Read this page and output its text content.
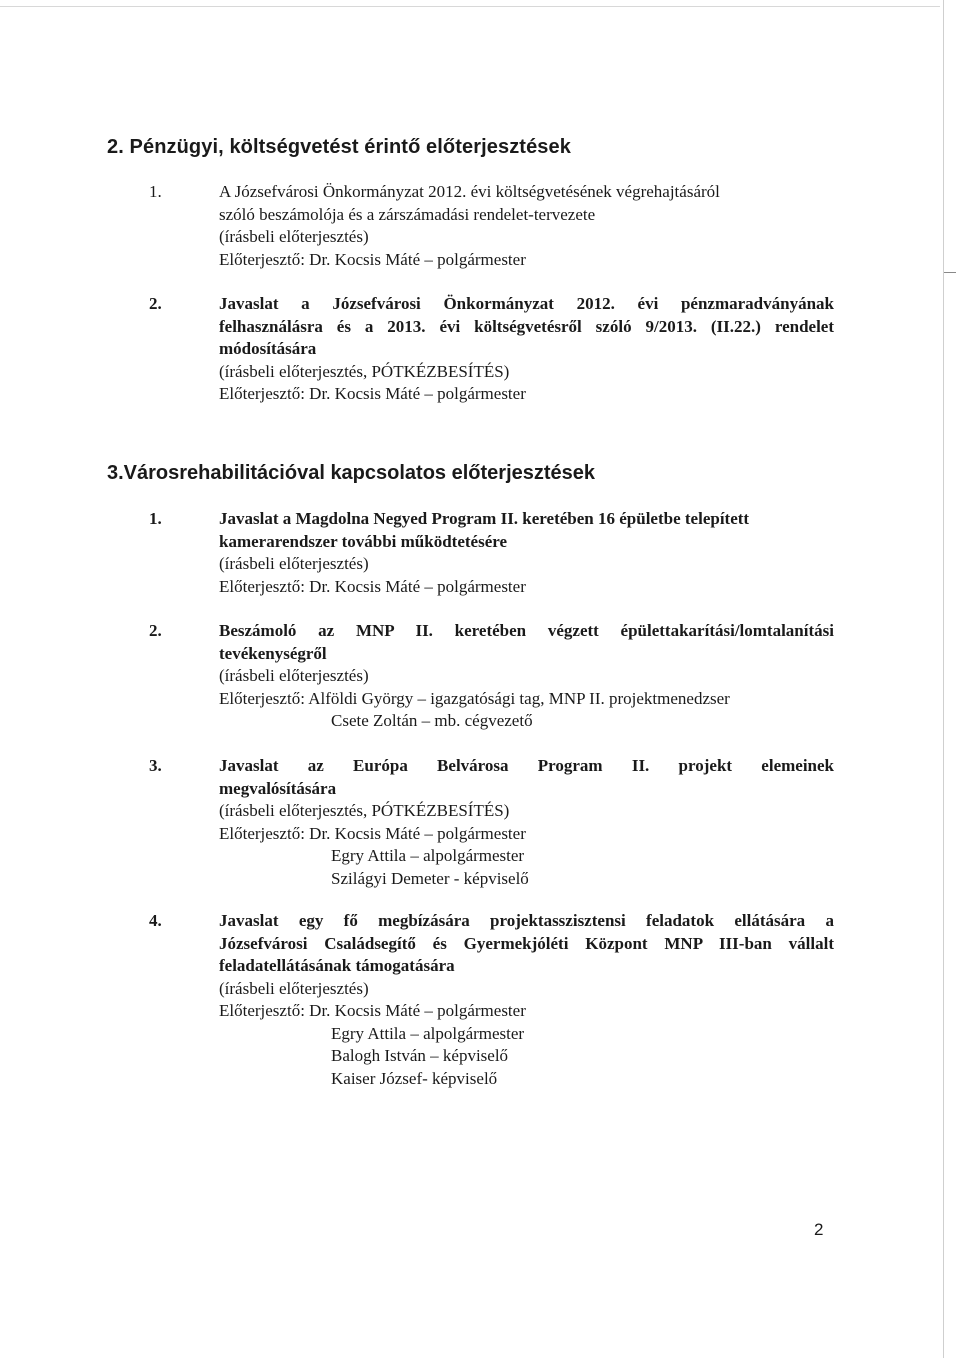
2. Pénzügyi, költségvetést érintő előterjesztések
1.	A Józsefvárosi Önkormányzat 2012. évi költségvetésének végrehajtásáról

szóló beszámolója és a zárszámadási rendelet-tervezete

(írásbeli előterjesztés)

Előterjesztő: Dr. Kocsis Máté – polgármester

2.	Javaslat a Józsefvárosi Önkormányzat 2012. évi pénzmaradványának

felhasználásra és a 2013. évi költségvetésről szóló 9/2013. (II.22.) rendelet

módosítására

(írásbeli előterjesztés, PÓTKÉZBESÍTÉS)

Előterjesztő: Dr. Kocsis Máté – polgármester

3.Városrehabilitációval kapcsolatos előterjesztések
1.	Javaslat a Magdolna Negyed Program II. keretében 16 épületbe telepített

kamerarendszer további működtetésére

(írásbeli előterjesztés)

Előterjesztő: Dr. Kocsis Máté – polgármester

2.	Beszámoló az MNP II. keretében végzett épülettakarítási/lomtalanítási

tevékenységről

(írásbeli előterjesztés)

Előterjesztő: Alföldi György – igazgatósági tag, MNP II. projektmenedzser

Csete Zoltán – mb. cégvezető

3.	Javaslat az Európa Belvárosa Program II. projekt elemeinek

megvalósítására

(írásbeli előterjesztés, PÓTKÉZBESÍTÉS)

Előterjesztő: Dr. Kocsis Máté – polgármester

Egry Attila – alpolgármester

Szilágyi Demeter - képviselő

4.	Javaslat egy fő megbízására projektasszisztensi feladatok ellátására a

Józsefvárosi Családsegítő és Gyermekjóléti Központ MNP III-ban vállalt

feladatellátásának támogatására

(írásbeli előterjesztés)

Előterjesztő: Dr. Kocsis Máté – polgármester

Egry Attila – alpolgármester

Balogh István – képviselő

Kaiser József- képviselő

2
